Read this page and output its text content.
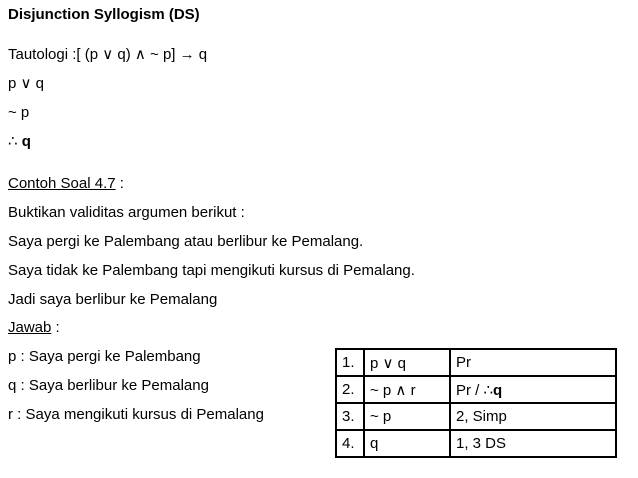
Disjunction Syllogism (DS)
Tautologi :[ (p ∨ q) ∧ ~ p] → q
p ∨ q
~ p
∴ q
Contoh Soal 4.7 :
Buktikan validitas argumen berikut :
Saya pergi ke Palembang atau berlibur ke Pemalang.
Saya tidak ke Palembang tapi mengikuti kursus di Pemalang.
Jadi saya berlibur ke Pemalang
Jawab :
p : Saya pergi ke Palembang
q : Saya berlibur ke Pemalang
r : Saya mengikuti kursus di Pemalang
1.	p ∨ q	Pr
2.	~ p ∧ r	Pr / ∴q
3.	~ p	2, Simp
4.	q	1, 3 DS
